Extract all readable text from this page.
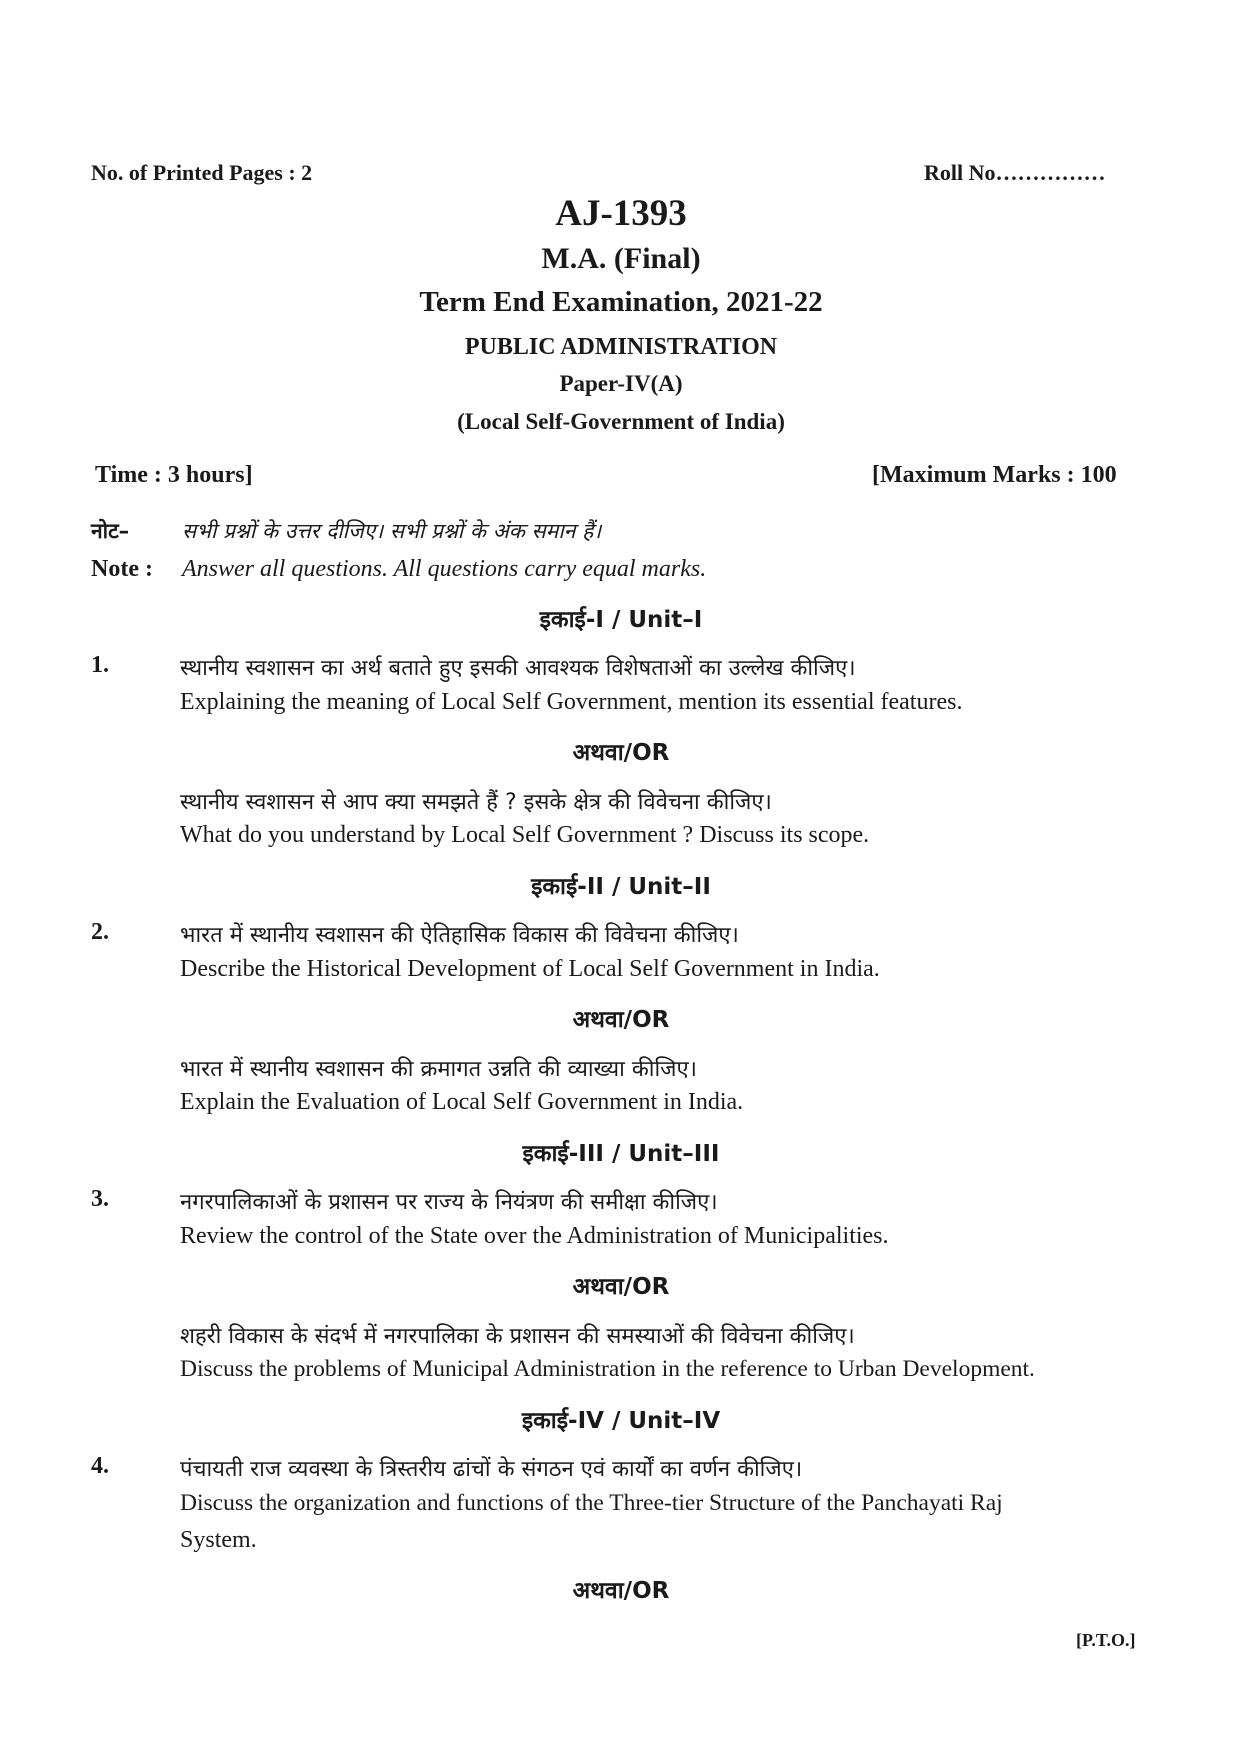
No. of Printed Pages : 2	Roll No……………
AJ-1393
M.A. (Final)
Term End Examination, 2021-22
PUBLIC ADMINISTRATION
Paper-IV(A)
(Local Self-Government of India)
Time : 3 hours]	[Maximum Marks : 100
नोट–	सभी प्रश्नों के उत्तर दीजिए। सभी प्रश्नों के अंक समान हैं।
Note : Answer all questions. All questions carry equal marks.
इकाई-I / Unit–I
1.	स्थानीय स्वशासन का अर्थ बताते हुए इसकी आवश्यक विशेषताओं का उल्लेख कीजिए।
Explaining the meaning of Local Self Government, mention its essential features.
अथवा/OR
स्थानीय स्वशासन से आप क्या समझते हैं ? इसके क्षेत्र की विवेचना कीजिए।
What do you understand by Local Self Government ? Discuss its scope.
इकाई-II / Unit–II
2.	भारत में स्थानीय स्वशासन की ऐतिहासिक विकास की विवेचना कीजिए।
Describe the Historical Development of Local Self Government in India.
अथवा/OR
भारत में स्थानीय स्वशासन की क्रमागत उन्नति की व्याख्या कीजिए।
Explain the Evaluation of Local Self Government in India.
इकाई-III / Unit–III
3.	नगरपालिकाओं के प्रशासन पर राज्य के नियंत्रण की समीक्षा कीजिए।
Review the control of the State over the Administration of Municipalities.
अथवा/OR
शहरी विकास के संदर्भ में नगरपालिका के प्रशासन की समस्याओं की विवेचना कीजिए।
Discuss the problems of Municipal Administration in the reference to Urban Development.
इकाई-IV / Unit–IV
4.	पंचायती राज व्यवस्था के त्रिस्तरीय ढांचों के संगठन एवं कार्यों का वर्णन कीजिए।
Discuss the organization and functions of the Three-tier Structure of the Panchayati Raj
System.
अथवा/OR
[P.T.O.]
